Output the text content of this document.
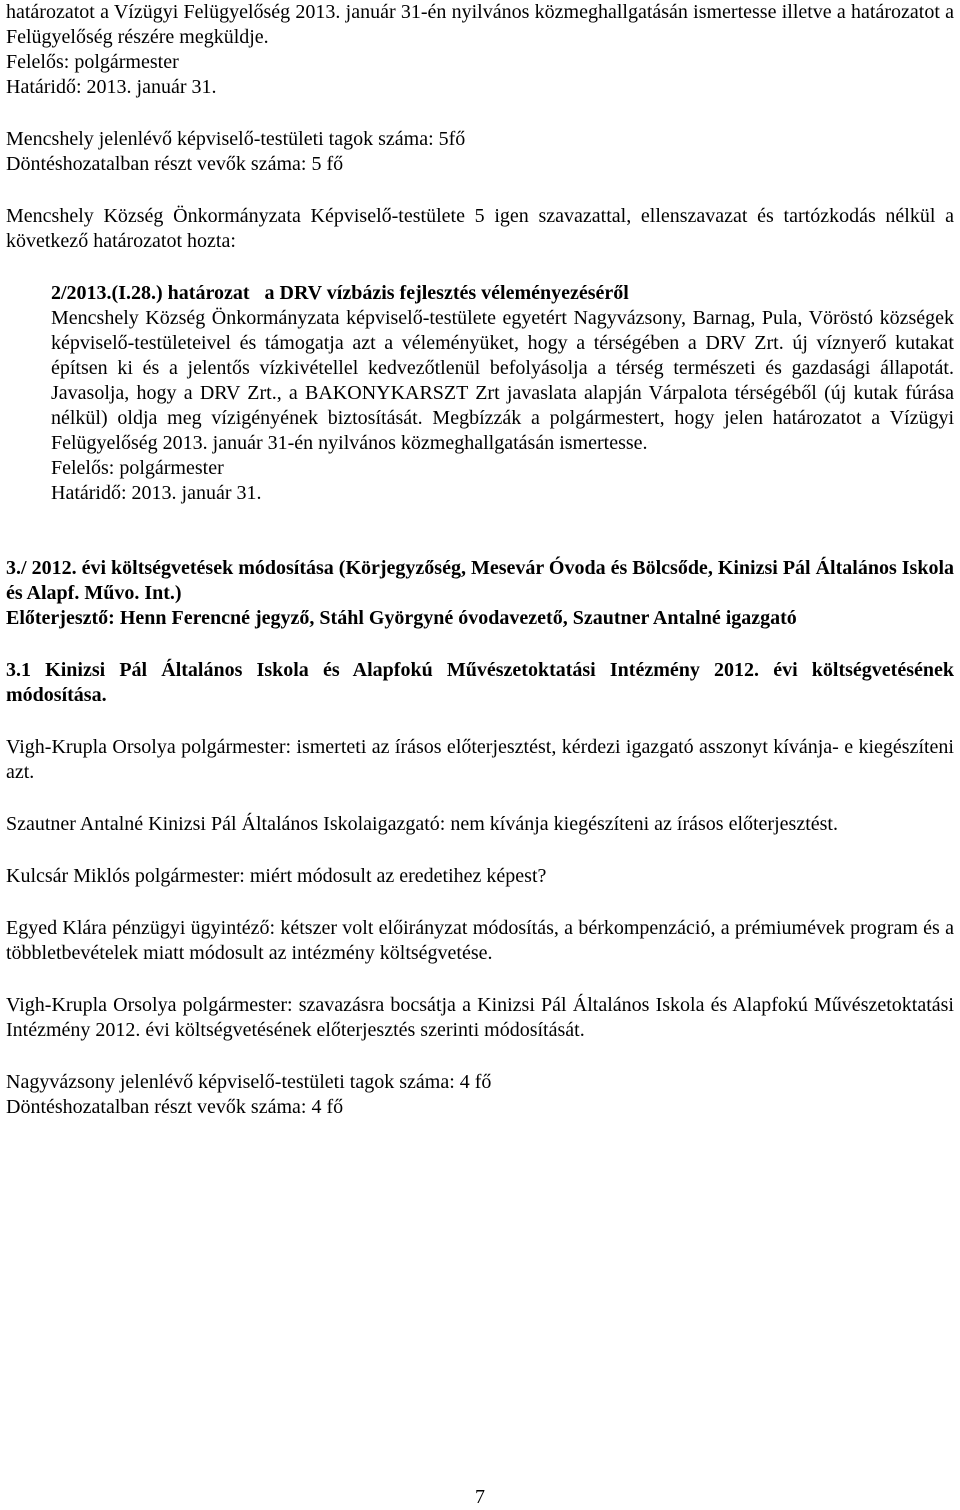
határozatot a Vízügyi Felügyelőség 2013. január 31-én nyilvános közmeghallgatásán ismertesse illetve a határozatot a Felügyelőség részére megküldje.

Felelős: polgármester

Határidő: 2013. január 31.

Mencshely jelenlévő képviselő-testületi tagok száma: 5fő

Döntéshozatalban részt vevők száma: 5 fő

Mencshely Község Önkormányzata Képviselő-testülete 5 igen szavazattal, ellenszavazat és tartózkodás nélkül a következő határozatot hozta:

2/2013.(I.28.) határozat   a DRV vízbázis fejlesztés véleményezéséről

Mencshely Község Önkormányzata képviselő-testülete egyetért Nagyvázsony, Barnag, Pula, Vöröstó községek képviselő-testületeivel és támogatja azt a véleményüket, hogy a térségében a DRV Zrt. új víznyerő kutakat építsen ki és a jelentős vízkivétellel kedvezőtlenül befolyásolja a térség természeti és gazdasági állapotát. Javasolja, hogy a DRV Zrt., a BAKONYKARSZT Zrt javaslata alapján Várpalota térségéből (új kutak fúrása nélkül) oldja meg vízigényének biztosítását. Megbízzák a polgármestert, hogy jelen határozatot a Vízügyi Felügyelőség 2013. január 31-én nyilvános közmeghallgatásán ismertesse.

Felelős: polgármester

Határidő: 2013. január 31.

3./ 2012. évi költségvetések módosítása (Körjegyzőség, Mesevár Óvoda és Bölcsőde, Kinizsi Pál Általános Iskola és Alapf. Művo. Int.)

Előterjesztő: Henn Ferencné jegyző, Stáhl Györgyné óvodavezető, Szautner Antalné igazgató

3.1 Kinizsi Pál Általános Iskola és Alapfokú Művészetoktatási Intézmény 2012. évi költségvetésének módosítása.

Vigh-Krupla Orsolya polgármester: ismerteti az írásos előterjesztést, kérdezi igazgató asszonyt kívánja- e kiegészíteni azt.

Szautner Antalné Kinizsi Pál Általános Iskolaigazgató: nem kívánja kiegészíteni az írásos előterjesztést.

Kulcsár Miklós polgármester: miért módosult az eredetihez képest?

Egyed Klára pénzügyi ügyintéző: kétszer volt előirányzat módosítás, a bérkompenzáció, a prémiumévek program és a többletbevételek miatt módosult az intézmény költségvetése.

Vigh-Krupla Orsolya polgármester: szavazásra bocsátja a Kinizsi Pál Általános Iskola és Alapfokú Művészetoktatási Intézmény 2012. évi költségvetésének előterjesztés szerinti módosítását.

Nagyvázsony jelenlévő képviselő-testületi tagok száma: 4 fő

Döntéshozatalban részt vevők száma: 4 fő

7
